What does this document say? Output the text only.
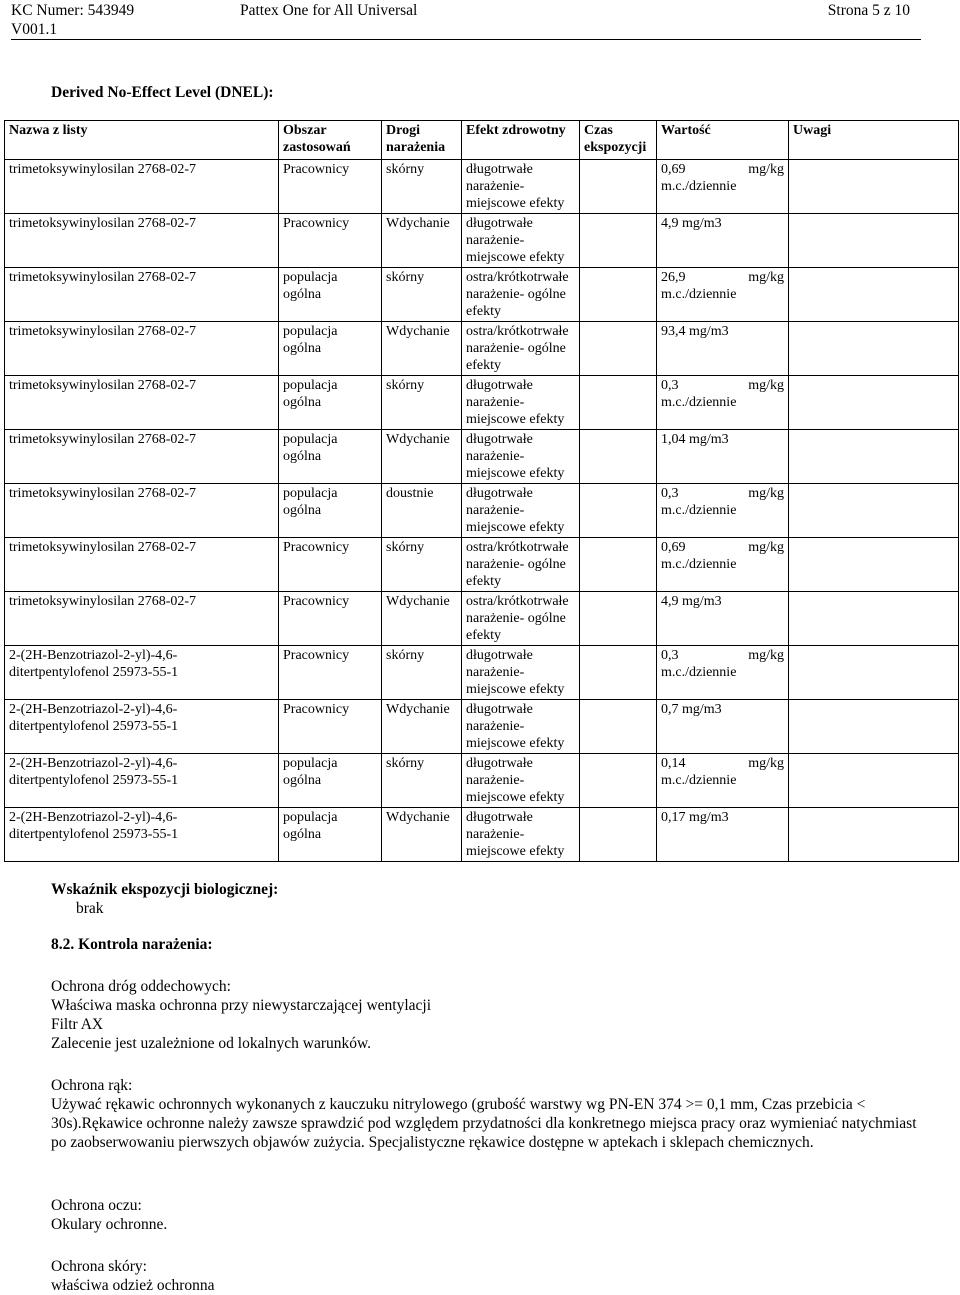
KC Numer: 543949	Pattex One for All Universal	Strona 5 z 10
V001.1
Derived No-Effect Level (DNEL):
Nazwa z listy	Obszar zastosowań	Drogi narażenia	Efekt zdrowotny	Czas ekspozycji	Wartość	Uwagi
trimetoksywinylosilan 2768-02-7	Pracownicy	skórny	długotrwałe narażenie- miejscowe efekty		0,69 mg/kg
m.c./dziennie	

trimetoksywinylosilan 2768-02-7	Pracownicy	Wdychanie	długotrwałe narażenie- miejscowe efekty		4,9 mg/m3	

trimetoksywinylosilan 2768-02-7	populacja ogólna	skórny	ostra/krótkotrwałe narażenie- ogólne efekty		26,9 mg/kg
m.c./dziennie	

trimetoksywinylosilan 2768-02-7	populacja ogólna	Wdychanie	ostra/krótkotrwałe narażenie- ogólne efekty		93,4 mg/m3	

trimetoksywinylosilan 2768-02-7	populacja ogólna	skórny	długotrwałe narażenie- miejscowe efekty		0,3 mg/kg
m.c./dziennie	

trimetoksywinylosilan 2768-02-7	populacja ogólna	Wdychanie	długotrwałe narażenie- miejscowe efekty		1,04 mg/m3	

trimetoksywinylosilan 2768-02-7	populacja ogólna	doustnie	długotrwałe narażenie- miejscowe efekty		0,3 mg/kg
m.c./dziennie	

trimetoksywinylosilan 2768-02-7	Pracownicy	skórny	ostra/krótkotrwałe narażenie- ogólne efekty		0,69 mg/kg
m.c./dziennie	

trimetoksywinylosilan 2768-02-7	Pracownicy	Wdychanie	ostra/krótkotrwałe narażenie- ogólne efekty		4,9 mg/m3	

2-(2H-Benzotriazol-2-yl)-4,6-ditertpentylofenol 25973-55-1	Pracownicy	skórny	długotrwałe narażenie- miejscowe efekty		0,3 mg/kg
m.c./dziennie	

2-(2H-Benzotriazol-2-yl)-4,6-ditertpentylofenol 25973-55-1	Pracownicy	Wdychanie	długotrwałe narażenie- miejscowe efekty		0,7 mg/m3	

2-(2H-Benzotriazol-2-yl)-4,6-ditertpentylofenol 25973-55-1	populacja ogólna	skórny	długotrwałe narażenie- miejscowe efekty		0,14 mg/kg
m.c./dziennie	

2-(2H-Benzotriazol-2-yl)-4,6-ditertpentylofenol 25973-55-1	populacja ogólna	Wdychanie	długotrwałe narażenie- miejscowe efekty		0,17 mg/m3	

Wskaźnik ekspozycji biologicznej:
brak
8.2. Kontrola narażenia:
Ochrona dróg oddechowych:
Właściwa maska ochronna przy niewystarczającej wentylacji
Filtr AX
Zalecenie jest uzależnione od lokalnych warunków.
Ochrona rąk:
Używać rękawic ochronnych wykonanych z kauczuku nitrylowego (grubość warstwy wg PN-EN 374 >= 0,1 mm, Czas przebicia < 30s).Rękawice ochronne należy zawsze sprawdzić pod względem przydatności dla konkretnego miejsca pracy oraz wymieniać natychmiast po zaobserwowaniu pierwszych objawów zużycia. Specjalistyczne rękawice dostępne w aptekach i sklepach chemicznych.
Ochrona oczu:
Okulary ochronne.
Ochrona skóry:
właściwa odzież ochronna
